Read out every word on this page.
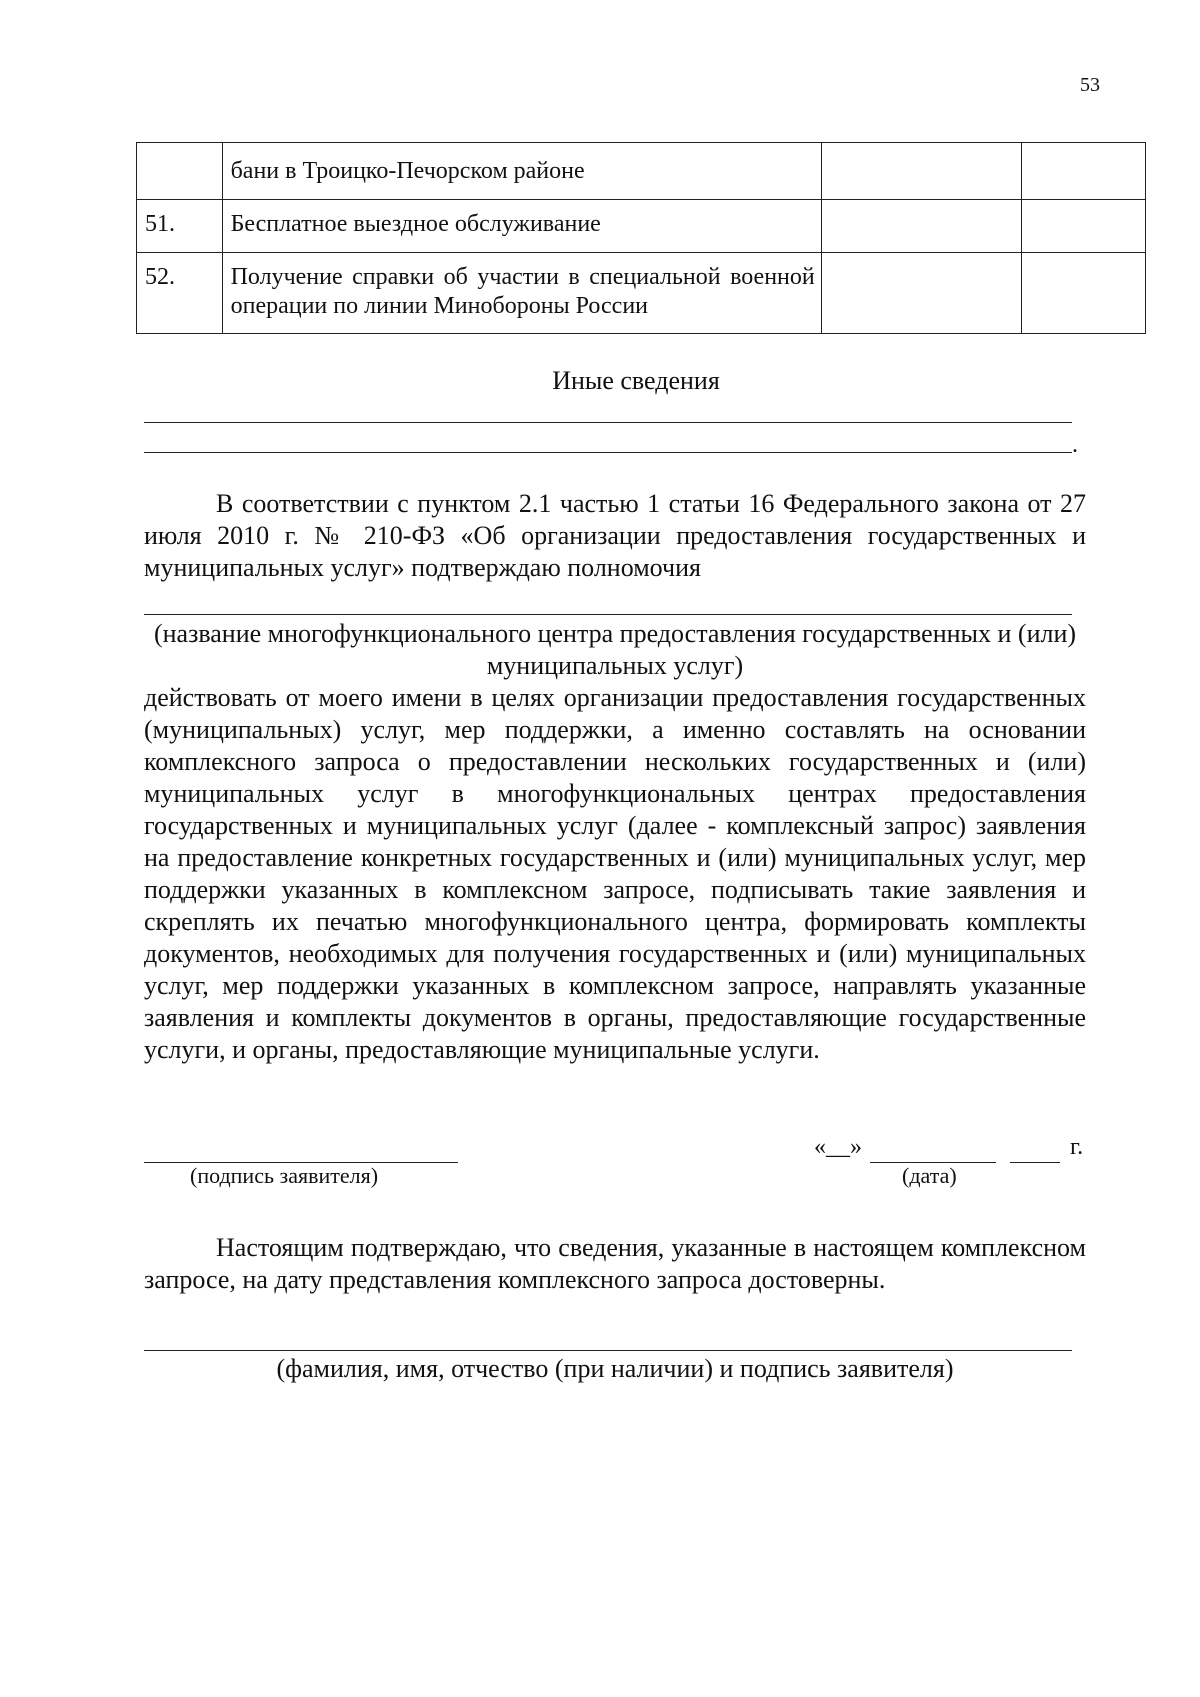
53
	бани в Троицко-Печорском районе		
51.	Бесплатное выездное обслуживание		
52.	Получение справки об участии в специальной военной операции по линии Минобороны России		
Иные сведения
.

В соответствии с пунктом 2.1 частью 1 статьи 16 Федерального закона от 27 июля 2010 г. № 210-ФЗ «Об организации предоставления государственных и муниципальных услуг» подтверждаю полномочия

(название многофункционального центра предоставления государственных и (или) муниципальных услуг)

действовать от моего имени в целях организации предоставления государственных (муниципальных) услуг, мер поддержки, а именно составлять на основании комплексного запроса о предоставлении нескольких государственных и (или) муниципальных услуг в многофункциональных центрах предоставления государственных и муниципальных услуг (далее - комплексный запрос) заявления на предоставление конкретных государственных и (или) муниципальных услуг, мер поддержки указанных в комплексном запросе, подписывать такие заявления и скреплять их печатью многофункционального центра, формировать комплекты документов, необходимых для получения государственных и (или) муниципальных услуг, мер поддержки указанных в комплексном запросе, направлять указанные заявления и комплекты документов в органы, предоставляющие государственные услуги, и органы, предоставляющие муниципальные услуги.

(подпись заявителя)
«__»	г.
(дата)

Настоящим подтверждаю, что сведения, указанные в настоящем комплексном запросе, на дату представления комплексного запроса достоверны.

(фамилия, имя, отчество (при наличии) и подпись заявителя)
